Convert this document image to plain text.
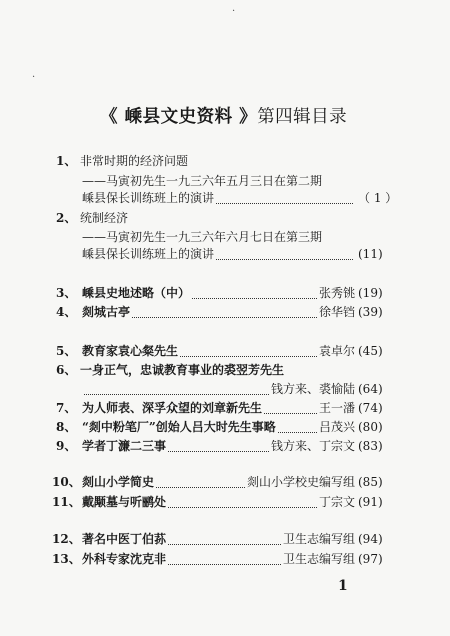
·
·
《 嵊县文史资料 》第四辑目录
1、 非常时期的经济问题
——马寅初先生一九三六年五月三日在第二期
嵊县保长训练班上的演讲	（ 1 ）
2、 统制经济
——马寅初先生一九三六年六月七日在第三期
嵊县保长训练班上的演讲	(11)
3、 嵊县史地述略（中）	张秀铫 (19)
4、 剡城古亭	徐华铛 (39)
5、 教育家袁心粲先生	袁卓尔 (45)
6、 一身正气，忠诚教育事业的裘翌芳先生
钱方来、裘愉陆 (64)
7、 为人师表、深孚众望的刘章新先生	王一潘 (74)
8、 “剡中粉笔厂”创始人吕大时先生事略	吕茂兴 (80)
9、 学者丁濂二三事	钱方来、丁宗文 (83)
10、 剡山小学简史	剡山小学校史编写组 (85)
11、 戴颙墓与听鹂处	丁宗文 (91)
12、 著名中医丁伯荪	卫生志编写组 (94)
13、 外科专家沈克非	卫生志编写组 (97)
1
